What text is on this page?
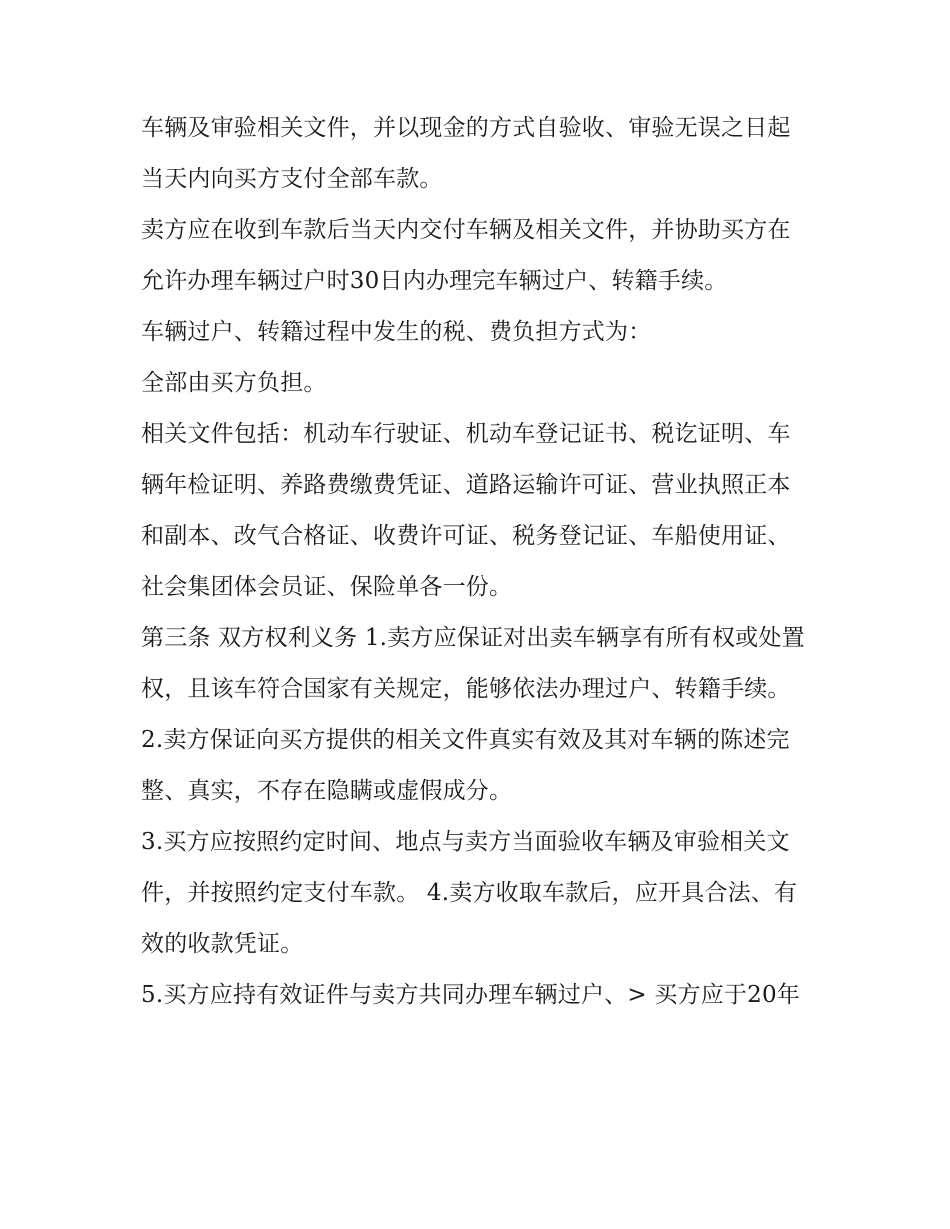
车辆及审验相关文件，并以现金的方式自验收、审验无误之日起当天内向买方支付全部车款。

卖方应在收到车款后当天内交付车辆及相关文件，并协助买方在允许办理车辆过户时30日内办理完车辆过户、转籍手续。

车辆过户、转籍过程中发生的税、费负担方式为：

全部由买方负担。

相关文件包括：机动车行驶证、机动车登记证书、税讫证明、车辆年检证明、养路费缴费凭证、道路运输许可证、营业执照正本和副本、改气合格证、收费许可证、税务登记证、车船使用证、社会集团体会员证、保险单各一份。

第三条 双方权利义务 1.卖方应保证对出卖车辆享有所有权或处置权，且该车符合国家有关规定，能够依法办理过户、转籍手续。

2.卖方保证向买方提供的相关文件真实有效及其对车辆的陈述完整、真实，不存在隐瞒或虚假成分。

3.买方应按照约定时间、地点与卖方当面验收车辆及审验相关文件，并按照约定支付车款。 4.卖方收取车款后，应开具合法、有效的收款凭证。

5.买方应持有效证件与卖方共同办理车辆过户、> 买方应于20年
